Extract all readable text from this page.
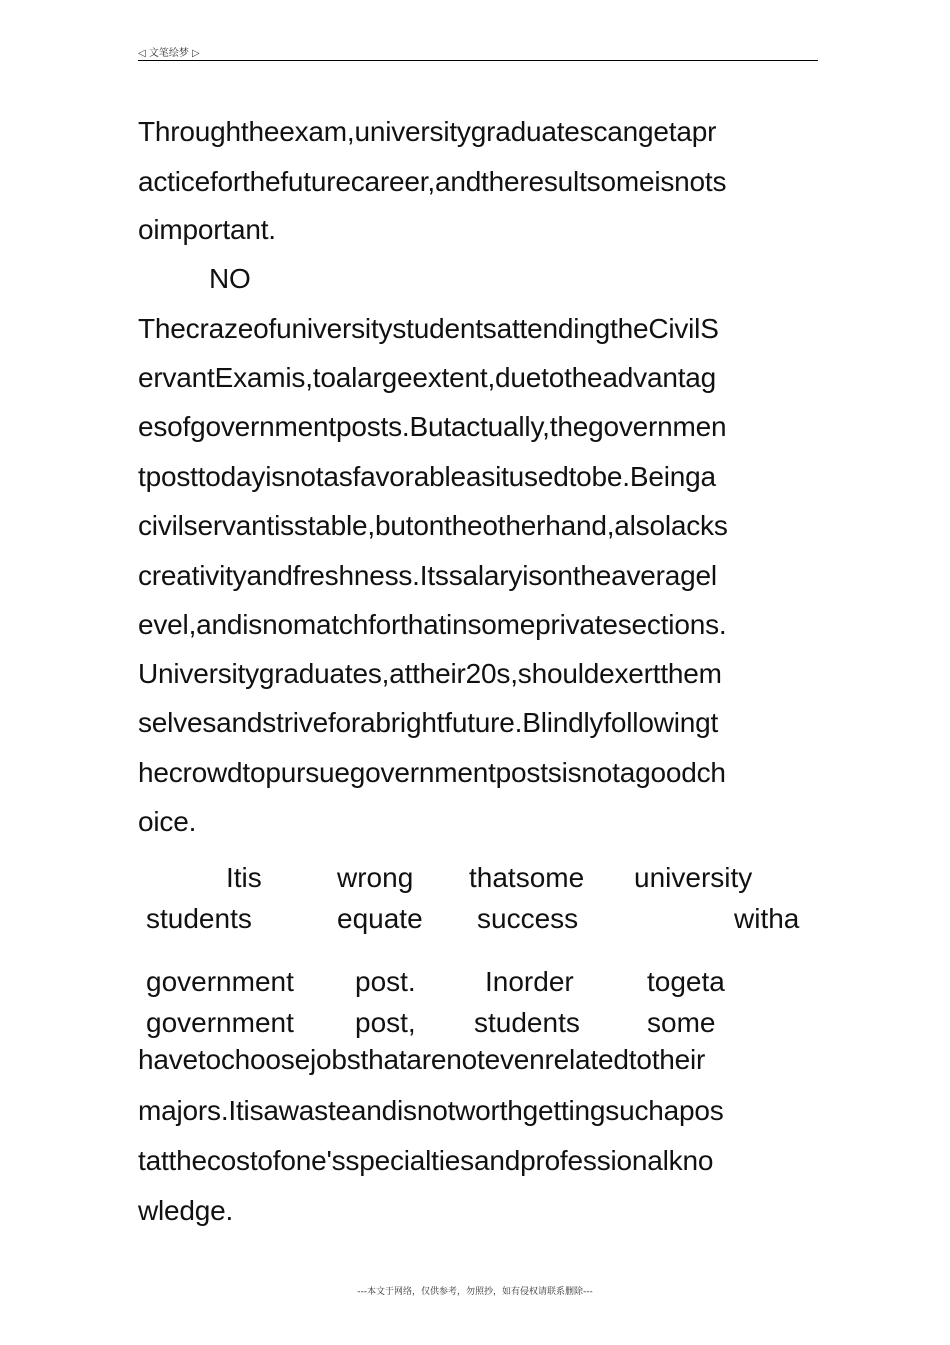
◁ 文笔绘梦 ▷
Throughtheexam,universitygraduatescangetapr
acticeforthefuturecareer,andtheresultsomeisnots
oimportant.
NO
ThecrazeofuniversitystudentsattendingtheCivilS
ervantExamis,toalargeextent,duetotheadvantag
esofgovernmentposts.Butactually,thegovernmen
tposttodayisnotasfavorableasitusedtobe.Beinga
civilservantisstable,butontheotherhand,alsolacks
creativityandfreshness.Itssalaryisontheaveragel
evel,andisnomatchforthatinsomeprivatesections.
Universitygraduates,attheir20s,shouldexertthem
selvesandstriveforabrightfuture.Blindlyfollowingt
hecrowdtopursuegovernmentpostsisnotagoodch
oice.
Itis	wrong thatsome university
students	equate success	witha
government post. Inorder	togeta
government post, students some
havetochoosejobsthatarenotevenrelatedtotheir
majors.Itisawasteandisnotworthgettingsuchapos
tatthecostofone'sspecialtiesandprofessionalkno
wledge.
---本文于网络，仅供参考，勿照抄，如有侵权请联系删除---
